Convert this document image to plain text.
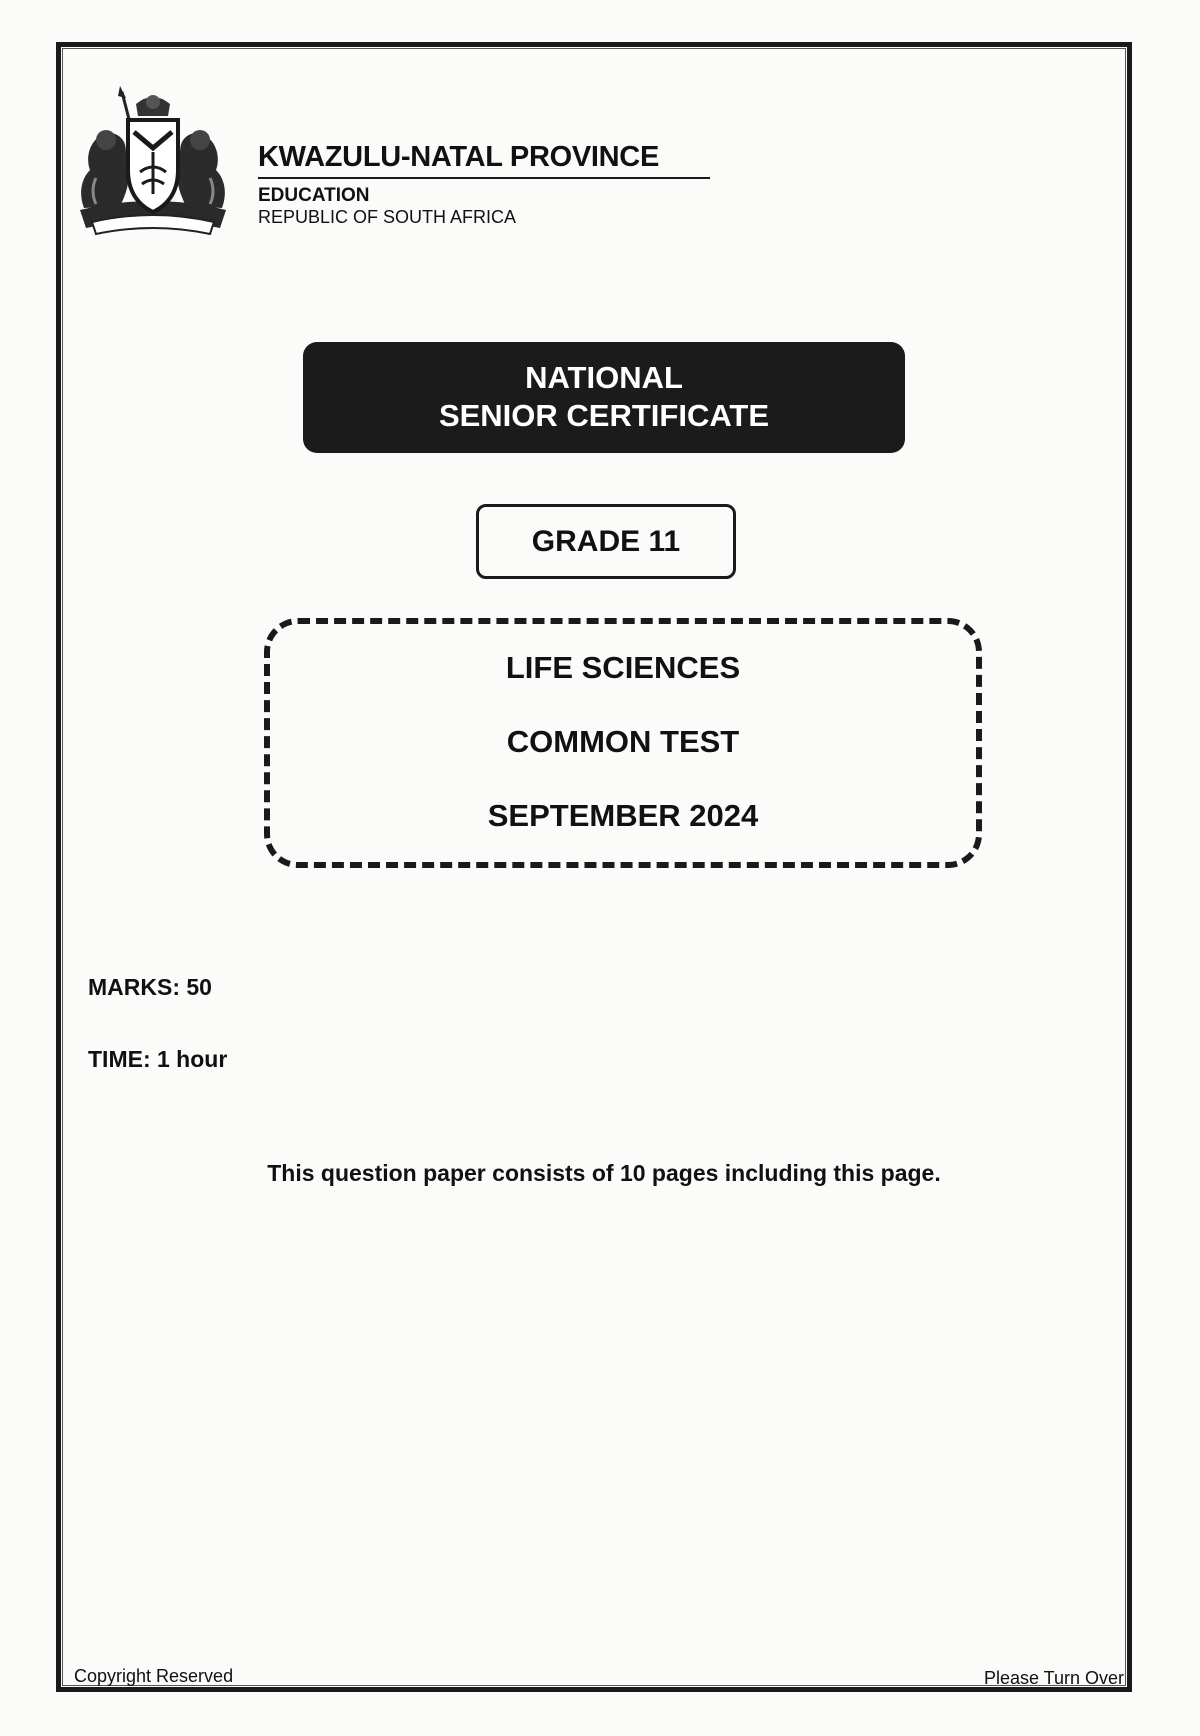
KWAZULU-NATAL PROVINCE
EDUCATION
REPUBLIC OF SOUTH AFRICA
NATIONAL
SENIOR CERTIFICATE
GRADE 11
LIFE SCIENCES
COMMON TEST
SEPTEMBER 2024
MARKS: 50
TIME: 1 hour
This question paper consists of 10 pages including this page.
Copyright Reserved	Please Turn Over
